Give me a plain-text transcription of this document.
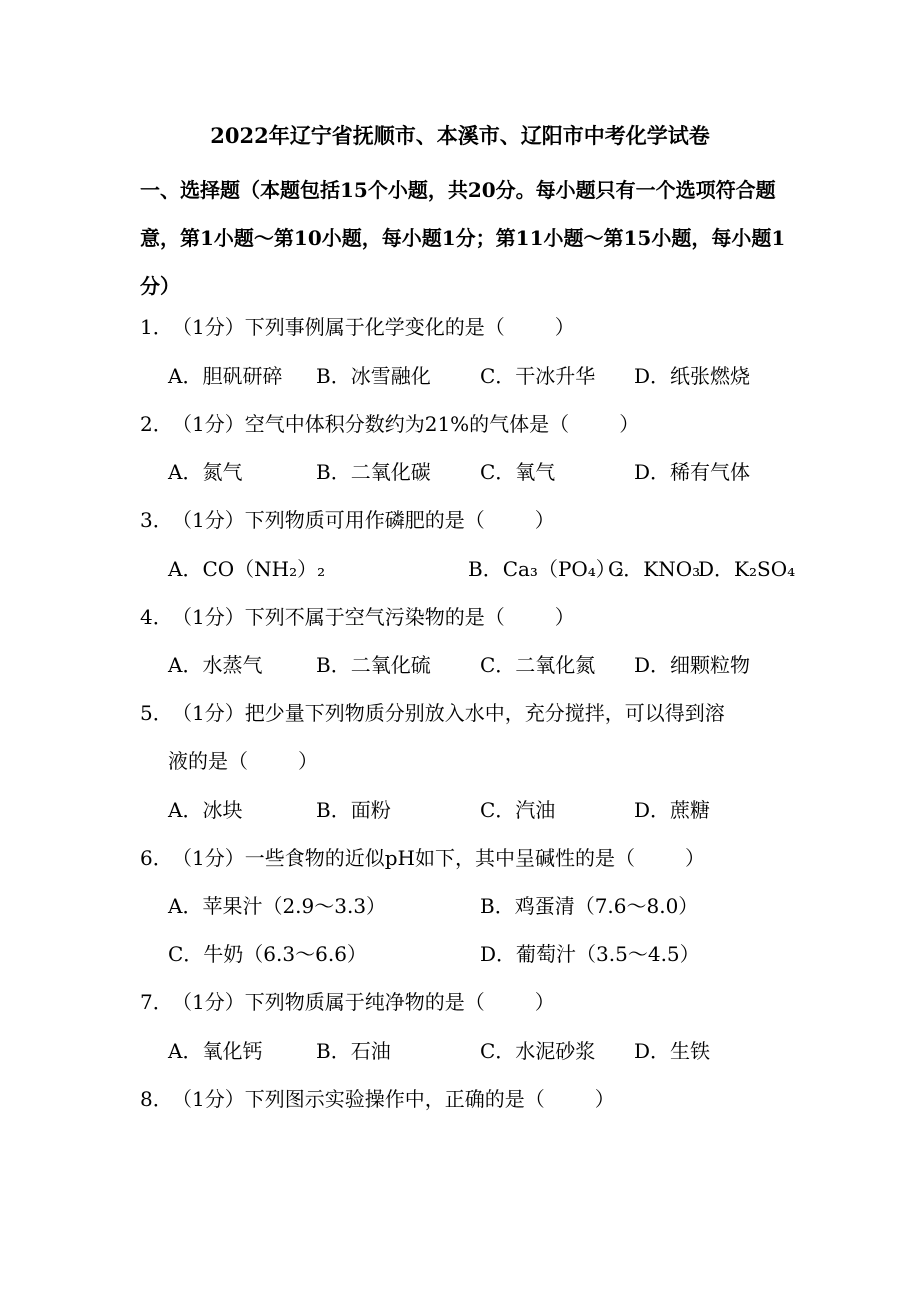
2022年辽宁省抚顺市、本溪市、辽阳市中考化学试卷
一、选择题（本题包括15个小题，共20分。每小题只有一个选项符合题意，第1小题～第10小题，每小题1分；第11小题～第15小题，每小题1分）
1．（1分）下列事例属于化学变化的是（	）
A．胆矾研碎 B．冰雪融化 C．干冰升华 D．纸张燃烧
2．（1分）空气中体积分数约为21%的气体是（	）
A．氮气	B．二氧化碳 C．氧气	D．稀有气体
3．（1分）下列物质可用作磷肥的是（	）
A．CO（NH₂）₂	B．Ca₃（PO₄）₂
C．KNO₃
D．K₂SO₄
4．（1分）下列不属于空气污染物的是（	）
A．水蒸气	B．二氧化硫 C．二氧化氮 D．细颗粒物
5．（1分）把少量下列物质分别放入水中，充分搅拌，可以得到溶
液的是（	）
A．冰块	B．面粉	C．汽油	D．蔗糖
6．（1分）一些食物的近似pH如下，其中呈碱性的是（	）
A．苹果汁（2.9～3.3）	B．鸡蛋清（7.6～8.0）
C．牛奶（6.3～6.6）	D．葡萄汁（3.5～4.5）
7．（1分）下列物质属于纯净物的是（	）
A．氧化钙	B．石油	C．水泥砂浆 D．生铁
8．（1分）下列图示实验操作中，正确的是（	）
